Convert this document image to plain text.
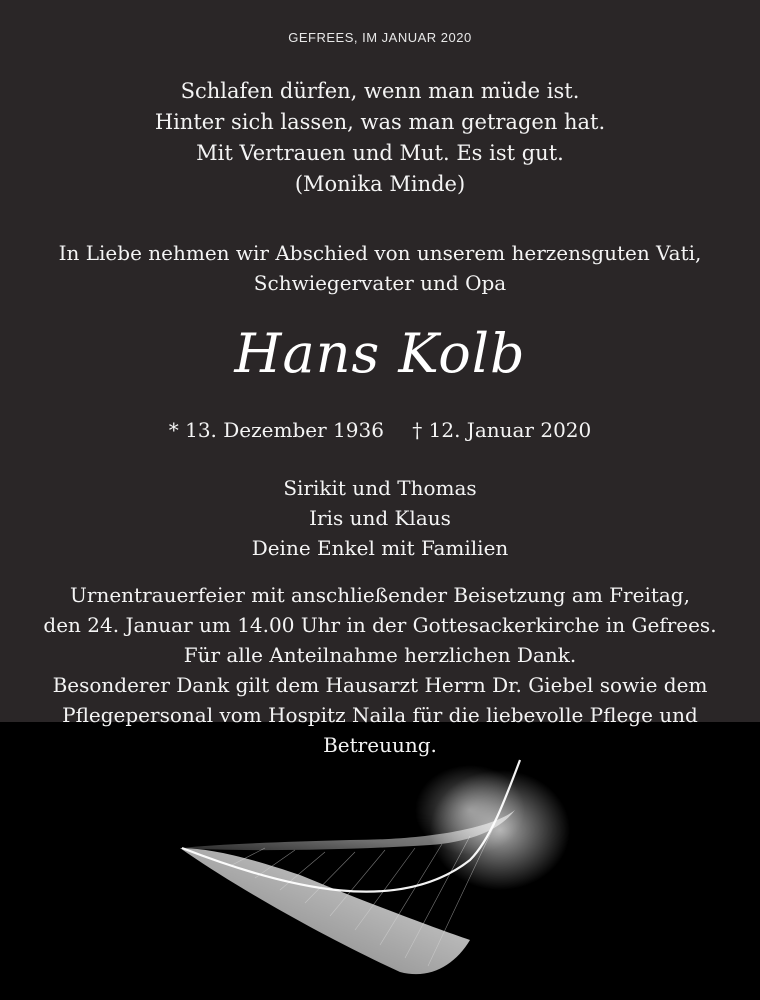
GEFREES, IM JANUAR 2020
Schlafen dürfen, wenn man müde ist.
Hinter sich lassen, was man getragen hat.
Mit Vertrauen und Mut. Es ist gut.
(Monika Minde)
In Liebe nehmen wir Abschied von unserem herzensguten Vati,
Schwiegervater und Opa
Hans Kolb
* 13. Dezember 1936 † 12. Januar 2020
Sirikit und Thomas
Iris und Klaus
Deine Enkel mit Familien
Urnentrauerfeier mit anschließender Beisetzung am Freitag,
den 24. Januar um 14.00 Uhr in der Gottesackerkirche in Gefrees.
Für alle Anteilnahme herzlichen Dank.
Besonderer Dank gilt dem Hausarzt Herrn Dr. Giebel sowie dem
Pflegepersonal vom Hospitz Naila für die liebevolle Pflege und
Betreuung.
